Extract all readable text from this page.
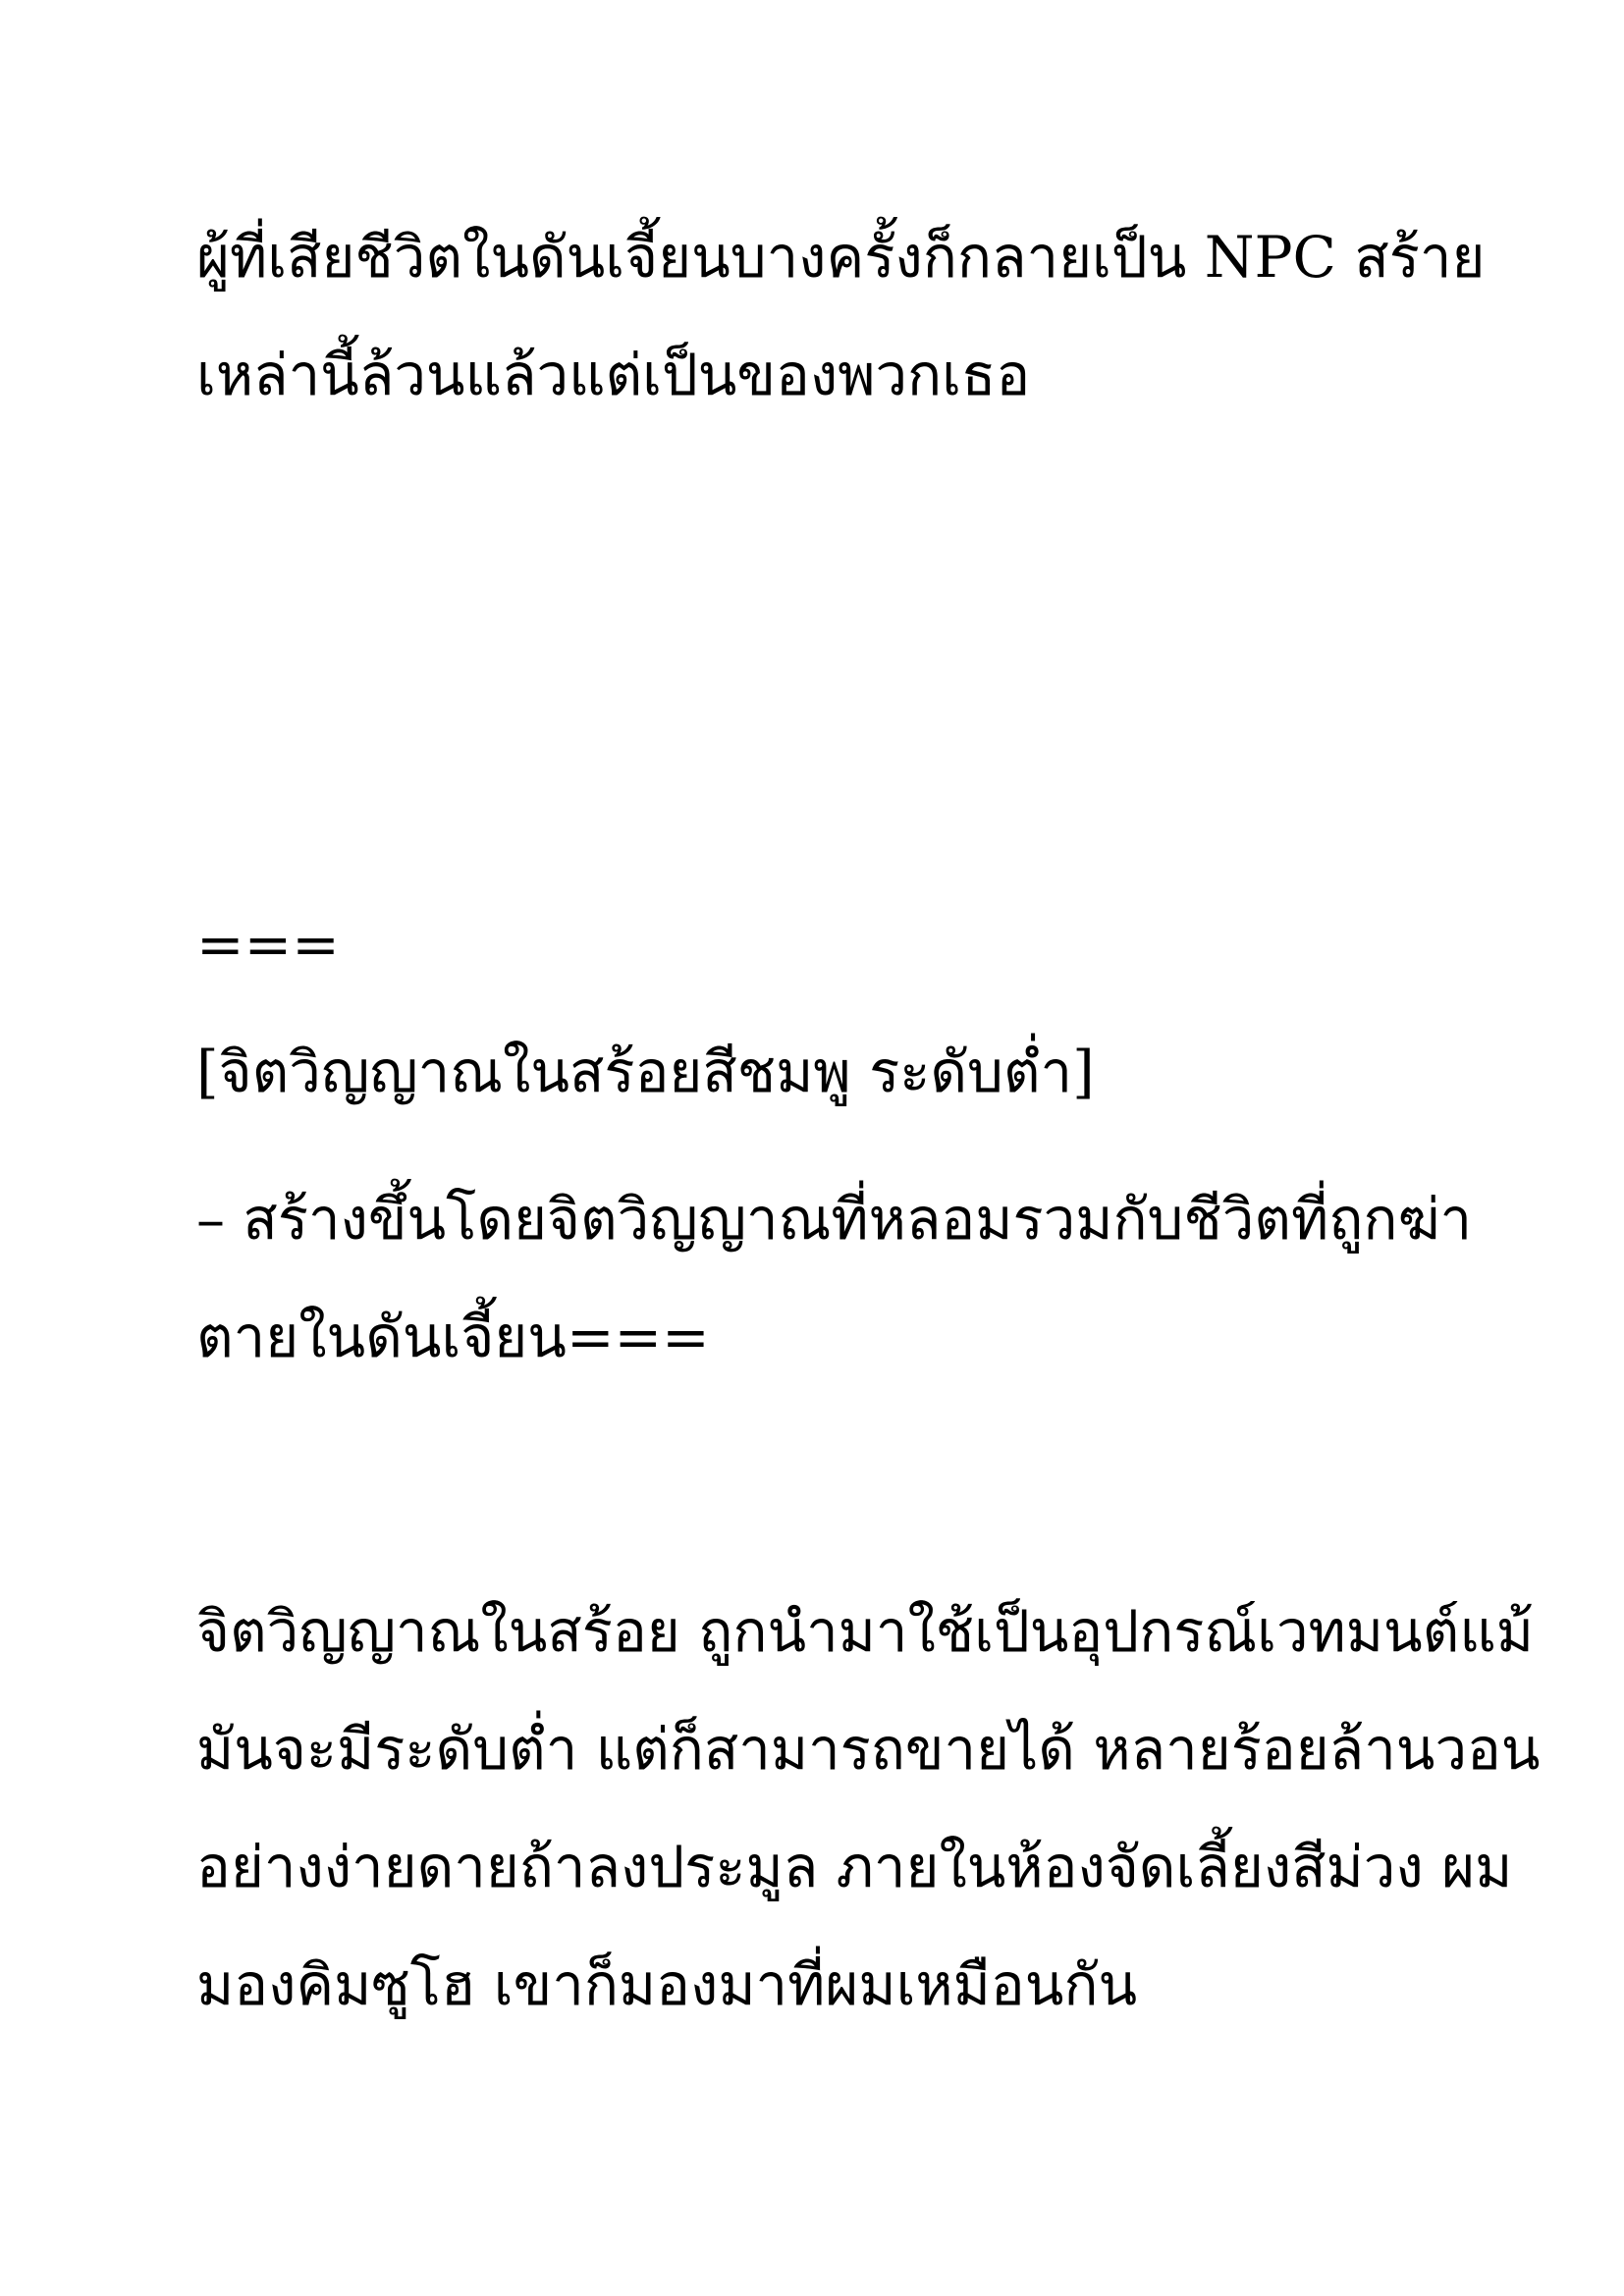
ผู้ที่เสียชีวิตในดันเจี้ยนบางครั้งก็กลายเป็น NPC สร้าย

เหล่านี้ล้วนแล้วแต่เป็นของพวกเธอ

===

[จิตวิญญาณในสร้อยสีชมพู ระดับต่ำ]

– สร้างขึ้นโดยจิตวิญญาณที่หลอมรวมกับชีวิตที่ถูกฆ่า

ตายในดันเจี้ยน===

จิตวิญญาณในสร้อย ถูกนำมาใช้เป็นอุปกรณ์เวทมนต์แม้

มันจะมีระดับต่ำ แต่ก็สามารถขายได้ หลายร้อยล้านวอน

อย่างง่ายดายถ้าลงประมูล ภายในห้องจัดเลี้ยงสีม่วง ผม

มองคิมซูโฮ เขาก็มองมาที่ผมเหมือนกัน
